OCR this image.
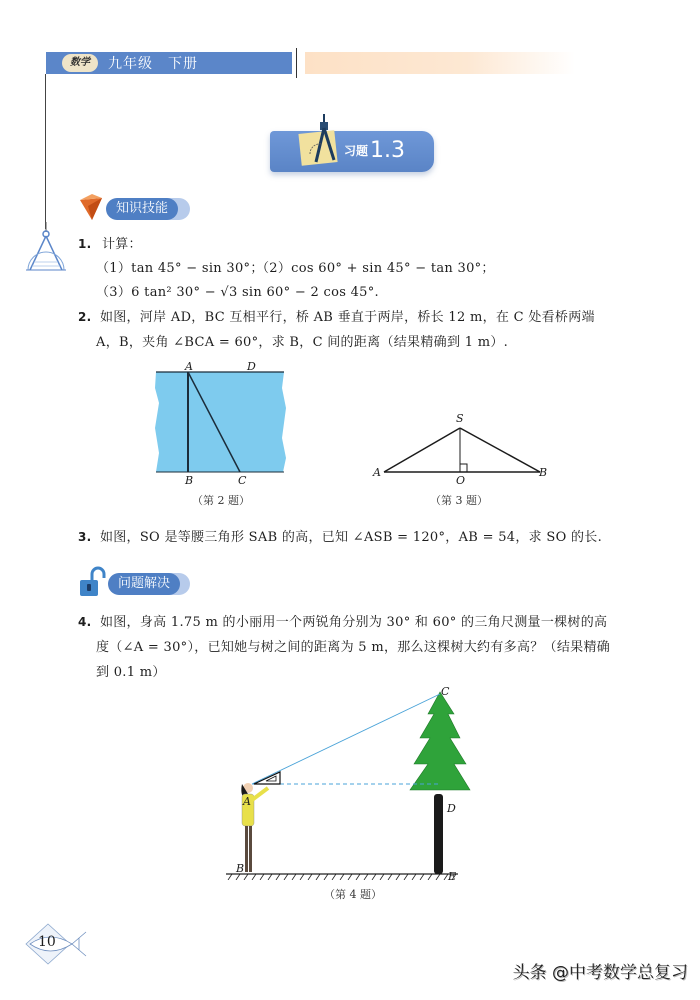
数学	九年级　下册
习题1.3
知识技能
1. 计算：
（1）tan 45° − sin 30°；
（2）cos 60° + sin 45° − tan 30°；
（3）6 tan² 30° − √3 sin 60° − 2 cos 45°.
2. 如图，河岸 AD，BC 互相平行，桥 AB 垂直于两岸，桥长 12 m，在 C 处看桥两端
A，B，夹角 ∠BCA = 60°，求 B，C 间的距离（结果精确到 1 m）.
A	D
B	C
（第 2 题）
S
A
O
B
（第 3 题）
3. 如图，SO 是等腰三角形 SAB 的高，已知 ∠ASB = 120°，AB = 54，求 SO 的长.
问题解决
4. 如图，身高 1.75 m 的小丽用一个两锐角分别为 30° 和 60° 的三角尺测量一棵树的高
度（∠A = 30°），已知她与树之间的距离为 5 m，那么这棵树大约有多高？（结果精确
到 0.1 m）
C
A
D
B
E
（第 4 题）
10
头条 @中考数学总复习
